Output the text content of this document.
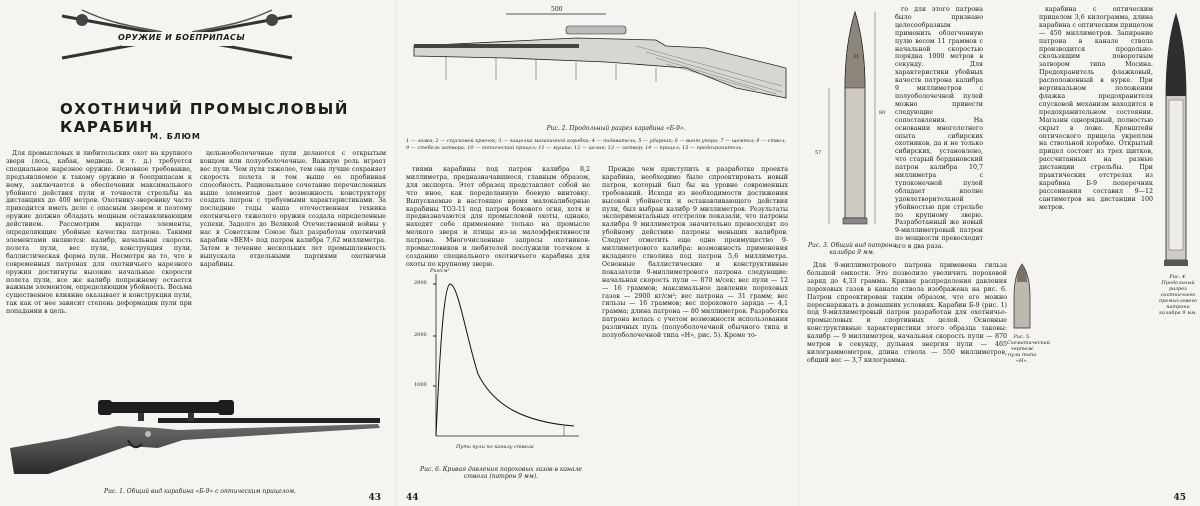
ОРУЖИЕ И БОЕПРИПАСЫ
ОХОТНИЧИЙ ПРОМЫСЛОВЫЙ КАРАБИН
М. БЛЮМ

Для промысловых и любительских охот на крупного зверя (лось, кабан, медведь и т. д.) требуется специальное нарезное оружие. Основное требование, предъявляемое к такому оружию и боеприпасам к нему, заключается в обеспечении максимального убойного действия пули и точности стрельбы на дистанциях до 400 метров. Охотнику-зверовику часто приходится иметь дело с опасным зверем и поэтому оружие должно обладать мощным останавливающим действием. Рассмотрим вкратце элементы, определяющие убойные качества патрона. Такими элементами являются: калибр, начальная скорость полета пули, вес пули, конструкция пули, баллистическая форма пули. Несмотря на то, что в современных патронах для охотничьего нарезного оружия достигнуты высокие начальные скорости полета пули, все же калибр попрежнему остается важным элементом, определяющим убойность. Весьма существенное влияние оказывает и конструкция пули, так как от нее зависит степень деформации пули при попадании в цель.

цельнооболочечные пули делаются с открытым концом или полуоболочечные. Важную роль играет вес пули. Чем пуля тяжелее, тем она лучше сохраняет скорость полета и тем выше ее пробивная способность. Рациональное сочетание перечисленных выше элементов дает возможность конструктору создать патрон с требуемыми характеристиками. За последние годы наша отечественная техника охотничьего тяжелого оружия создала определенные успехи. Задолго до Великой Отечественной войны у нас в Советском Союзе был разработан охотничий карабин «ВЕМ» под патрон калибра 7,62 миллиметра. Затем в течение нескольких лет промышленность выпускала отдельными партиями охотничьи карабины.

Рис. 1. Общий вид карабина «Б-9» с оптическим прицелом.
43
500
Рис. 2. Продольный разрез карабина «Б-9».
1 — ложа; 2 — спусковой крючок; 3 — защелка магазинной коробки; 4 — подаватель; 5 — ударник; 6 — винт упора; 7 — шомпол; 8 — ствол; 9 — стебель затвора; 10 — оптический прицел; 11 — мушка; 12 — целик; 13 — затвор; 14 — прицел; 15 — предохранитель.

тиями карабины под патрон калибра 8,2 миллиметра, предназначавшиеся, главным образом, для экспорта. Этот образец представляет собой не что иное, как переделанную боевую винтовку. Выпускаемые в настоящее время малокалиберные карабины ТОЗ-11 под патрон бокового огня, хотя и предназначаются для промысловой охоты, однако, находят себе применение только на промысле мелкого зверя и птицы из-за малоэффективности патрона. Многочисленные запросы охотников-промысловиков и любителей послужили толчком к созданию специального охотничьего карабина для охоты по крупному зверю.

2900
2000
1000
Pкг/см²
Путь пули по каналу ствола
Рис. 6. Кривая давления пороховых газов в канале ствола (патрон 9 мм).

Прежде чем приступить к разработке проекта карабина, необходимо было спроектировать новый патрон, который был бы на уровне современных требований. Исходя из необходимости достижения высокой убойности и останавливающего действия пули, был выбран калибр 9 миллиметров. Результаты экспериментальных отстрелов показали, что патроны калибра 9 миллиметров значительно превосходят по убойному действию патроны меньших калибров. Следует отметить еще одно преимущество 9-миллиметрового калибра: возможность применения вкладного стволика под патрон 5,6 миллиметра. Основные баллистические и конструктивные показатели 9-миллиметрового патрона следующие: начальная скорость пули — 870 м/сек; вес пули — 12 — 16 граммов; максимальное давление пороховых газов — 2900 кг/см²; вес патрона — 31 грамм; вес гильзы — 16 граммов; вес порохового заряда — 4,1 грамма; длина патрона — 80 миллиметров. Разработка патрона велась с учетом возможности использования различных пуль (полуоболочечной обычного типа и полуоболочечной типа «Н», рис. 5). Кроме то-

44
80
57
31
Рис. 3. Общий вид патрона калибра 9 мм.

го для этого патрона было признано целесообразным применить облегченную пулю весом 11 граммов с начальной скоростью порядка 1000 метров в секунду. Для характеристики убойных качеств патрона калибра 9 миллиметров с полуоболочечной пулей можно привести следующие сопоставления. На основании многолетнего опыта сибирских охотников, да и не только сибирских, установлено, что старый бердановский патрон калибра 10,7 миллиметра с тупоконечной пулей обладает вполне удовлетворительной убойностью при стрельбе по крупному зверю. Разработанный же новый 9-миллиметровый патрон по мощности превосходит его в два раза.

Для 9-миллиметрового патрона применена гильза большой емкости. Это позволило увеличить пороховой заряд до 4,33 грамма. Кривая распределения давления пороховых газов в канале ствола изображена на рис. 6. Патрон спроектирован таким образом, что его можно переснаряжать в домашних условиях. Карабин Б-9 (рис. 1) под 9-миллиметровый патрон разработан для охотничье-промысловых и спортивных целей. Основные конструктивные характеристики этого образца таковы: калибр — 9 миллиметров, начальная скорость пули — 870 метров в секунду, дульная энергия пули — 465 килограммометров, длина ствола — 550 миллиметров, общий вес — 3,7 килограмма.

Рис. 5. Схематический чертеж пули типа «Н».

карабина с оптическим прицелом 3,6 килограмма, длина карабина с оптическим прицелом — 450 миллиметров. Запирание патрона в канале ствола производится продольно-скользящим поворотным затвором типа Мосина. Предохранитель флажковый, расположенный в курке. При вертикальном положении флажка предохранителя спусковой механизм находится в предохранительном состоянии. Магазин однорядный, полностью скрыт в ложе. Кронштейн оптического прицела укреплен на ствольной коробке. Открытый прицел состоит из трех щитков, рассчитанных на разные дистанции стрельбы. При практических отстрелах из карабина Б-9 поперечник рассеивания составил 9—12 сантиметров на дистанции 100 метров.

Рис. 4. Продольный разрез охотничьего промыслового патрона калибра 9 мм.
45
